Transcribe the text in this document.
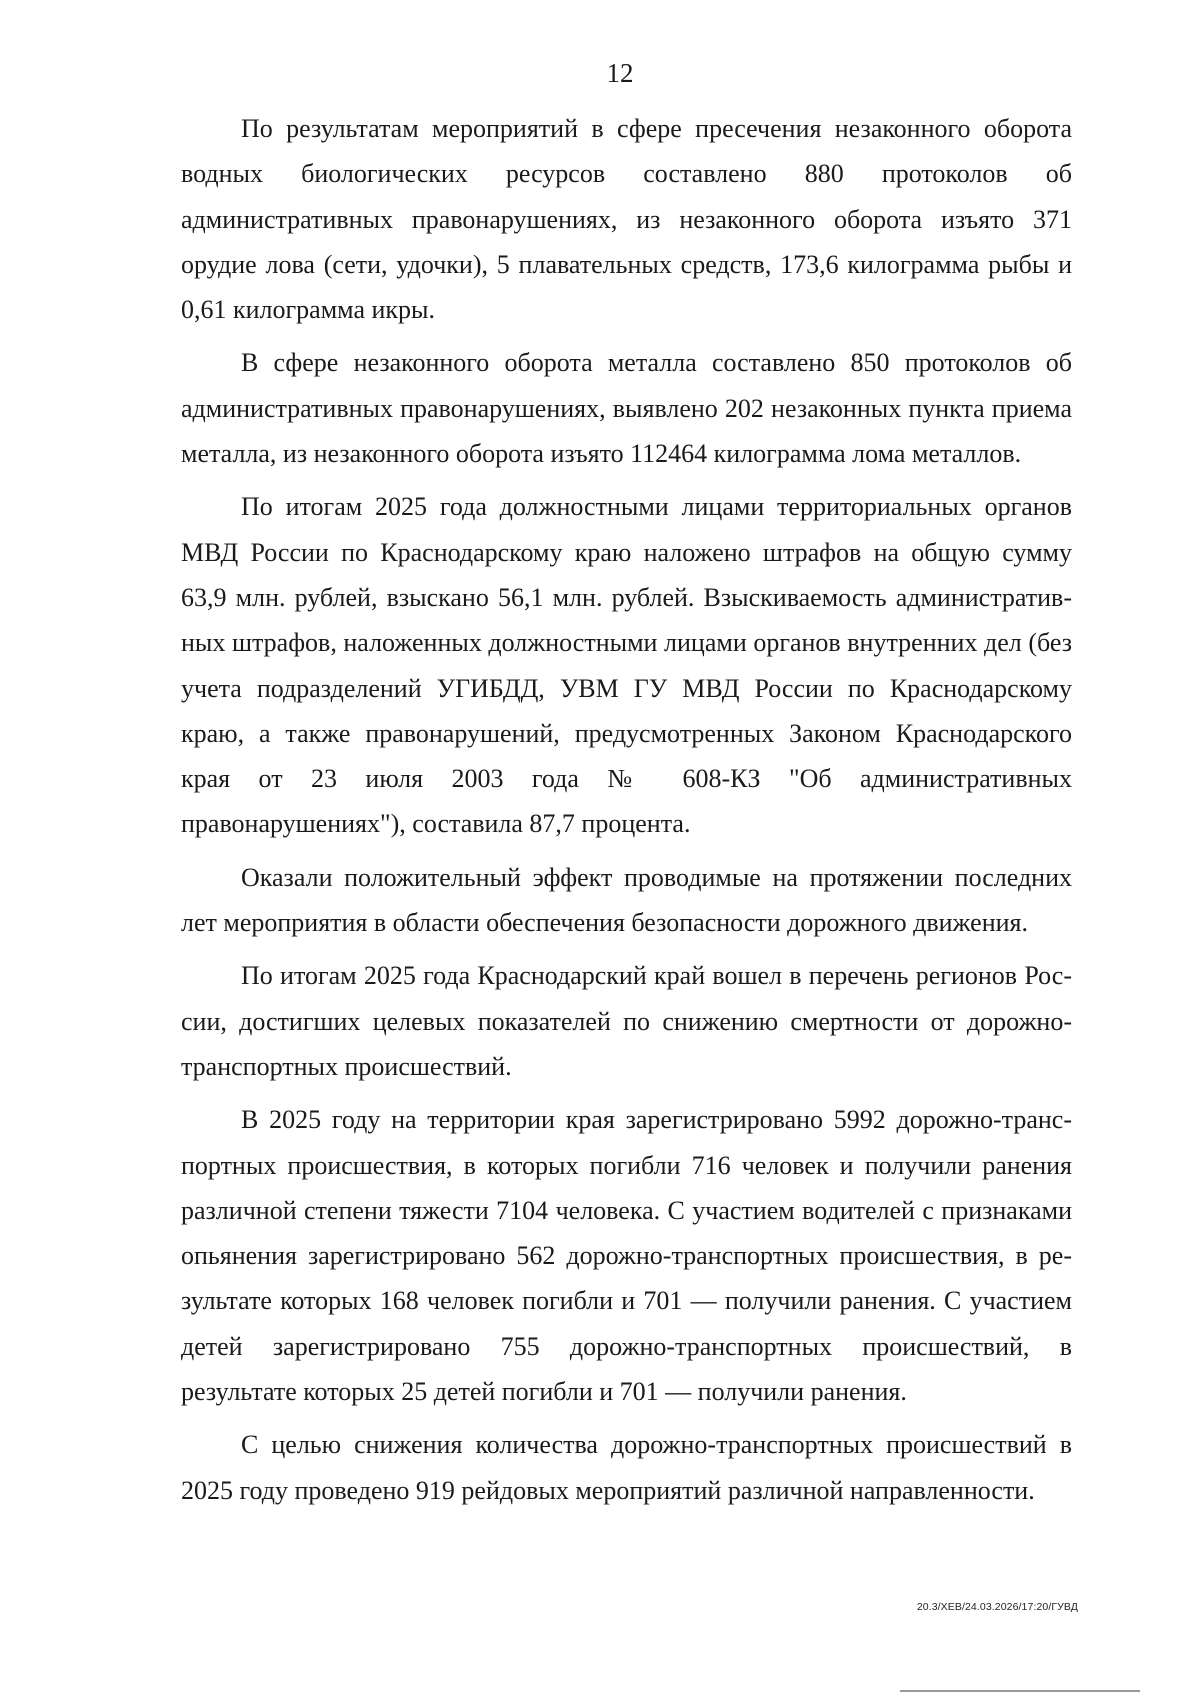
12

По результатам мероприятий в сфере пресечения незаконного оборота водных биологических ресурсов составлено 880 протоколов об административных правонарушениях, из незаконного оборота изъято 371 орудие лова (сети, удочки), 5 плавательных средств, 173,6 килограмма рыбы и 0,61 килограмма икры.

В сфере незаконного оборота металла составлено 850 протоколов об административных правонарушениях, выявлено 202 незаконных пункта приема металла, из незаконного оборота изъято 112464 килограмма лома металлов.

По итогам 2025 года должностными лицами территориальных органов МВД России по Краснодарскому краю наложено штрафов на общую сумму 63,9 млн. рублей, взыскано 56,1 млн. рублей. Взыскиваемость административных штрафов, наложенных должностными лицами органов внутренних дел (без учета подразделений УГИБДД, УВМ ГУ МВД России по Краснодарскому краю, а также правонарушений, предусмотренных Законом Краснодарского края от 23 июля 2003 года № 608-КЗ "Об административных правонарушениях"), составила 87,7 процента.

Оказали положительный эффект проводимые на протяжении последних лет мероприятия в области обеспечения безопасности дорожного движения.

По итогам 2025 года Краснодарский край вошел в перечень регионов России, достигших целевых показателей по снижению смертности от дорожно-транспортных происшествий.

В 2025 году на территории края зарегистрировано 5992 дорожно-транспортных происшествия, в которых погибли 716 человек и получили ранения различной степени тяжести 7104 человека. С участием водителей с признаками опьянения зарегистрировано 562 дорожно-транспортных происшествия, в результате которых 168 человек погибли и 701 — получили ранения. С участием детей зарегистрировано 755 дорожно-транспортных происшествий, в результате которых 25 детей погибли и 701 — получили ранения.

С целью снижения количества дорожно-транспортных происшествий в 2025 году проведено 919 рейдовых мероприятий различной направленности.

20.3/ХЕВ/24.03.2026/17:20/ГУВД
